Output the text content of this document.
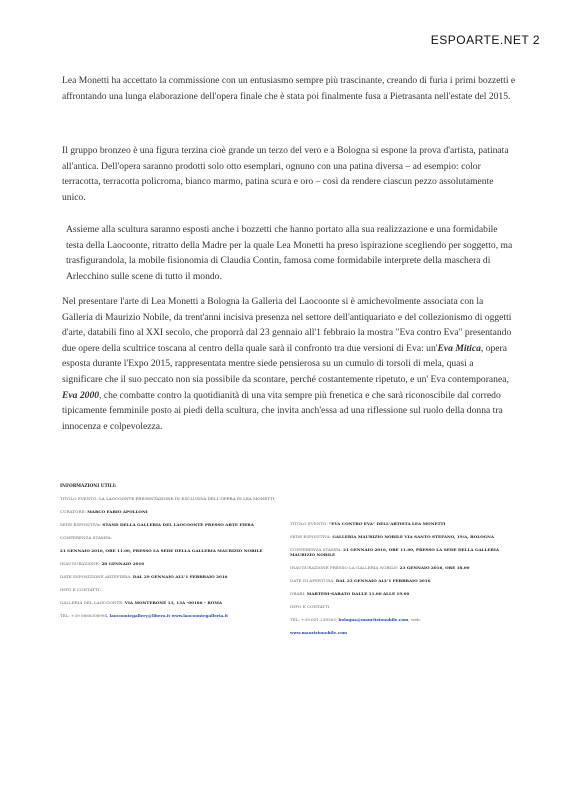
ESPOARTE.NET 2

Lea Monetti ha accettato la commissione con un entusiasmo sempre più trascinante, creando di furia i primi bozzetti e affrontando una lunga elaborazione dell'opera finale che è stata poi finalmente fusa a Pietrasanta nell'estate del 2015.

Il gruppo bronzeo è una figura terzina cioè grande un terzo del vero e a Bologna si espone la prova d'artista, patinata all'antica. Dell'opera saranno prodotti solo otto esemplari, ognuno con una patina diversa – ad esempio: color terracotta, terracotta policroma, bianco marmo, patina scura e oro – così da rendere ciascun pezzo assolutamente unico.

Assieme alla scultura saranno esposti anche i bozzetti che hanno portato alla sua realizzazione e una formidabile testa della Laocoonte, ritratto della Madre per la quale Lea Monetti ha preso ispirazione scegliendo per soggetto, ma trasfigurandola, la mobile fisionomia di Claudia Contin, famosa come formidabile interprete della maschera di Arlecchino sulle scene di tutto il mondo.

Nel presentare l'arte di Lea Monetti a Bologna la Galleria del Laocoonte si è amichevolmente associata con la Galleria di Maurizio Nobile, da trent'anni incisiva presenza nel settore dell'antiquariato e del collezionismo di oggetti d'arte, databili fino al XXI secolo, che proporrà dal 23 gennaio all'1 febbraio la mostra "Eva contro Eva" presentando due opere della scultrice toscana al centro della quale sarà il confronto tra due versioni di Eva: un'Eva Mitica, opera esposta durante l'Expo 2015, rappresentata mentre siede pensierosa su un cumulo di torsoli di mela, quasi a significare che il suo peccato non sia possibile da scontare, perché costantemente ripetuto, e un' Eva contemporanea, Eva 2000, che combatte contro la quotidianità di una vita sempre più frenetica e che sarà riconoscibile dal corredo tipicamente femminile posto ai piedi della scultura, che invita anch'essa ad una riflessione sul ruolo della donna tra innocenza e colpevolezza.

INFORMAZIONI UTILI:
TITOLO EVENTO: LA LAOCOONTE PRESENTAZIONE IN ESCLUSIVA DELL'OPERA DI LEA MONETTI
CURATORE: MARCO FABIO APOLLONI
SEDE ESPOSITIVA: STAND DELLA GALLERIA DEL LAOCOONTE PRESSO ARTE FIERA
CONFERENZA STAMPA:
21 GENNAIO 2016, ORE 11.00, PRESSO LA SEDE DELLA GALLERIA MAURIZIO NOBILE
INAUGURAZIONE: 28 GENNAIO 2016
DATE ESPOSIZIONE ARTEFIERA: DAL 29 GENNAIO ALL'1 FEBBRAIO 2016
INFO E CONTATTI:
GALLERIA DEL LAOCOONTE: VIA MONTERONE 13, 13A -00186 – ROMA
TEL: +39 0668308994, laocoontegallery@libero.it www.laocoontegalleria.it
TITOLO EVENTO: "EVA CONTRO EVA" DELL'ARTISTA LEA MONETTI
SEDE ESPOSITIVA: GALLERIA MAURIZIO NOBILE VIA SANTO STEFANO, 19/A, BOLOGNA
CONFERENZA STAMPA: 21 GENNAIO 2016, ORE 11.00, PRESSO LA SEDE DELLA GALLERIA MAURIZIO NOBILE
INAUGURAZIONE PRESSO LA GALLERIA NOBILE: 23 GENNAIO 2016, ORE 18.00
DATE DI APERTURA: DAL 23 GENNAIO ALL'1 FEBBRAIO 2016
ORARI: MARTEDI-SABATO DALLE 11.00 ALLE 19.00
INFO E CONTATTI
TEL: +39.051.238363; bologna@mauritzionobile.com; web:
www.maurizionobile.com
